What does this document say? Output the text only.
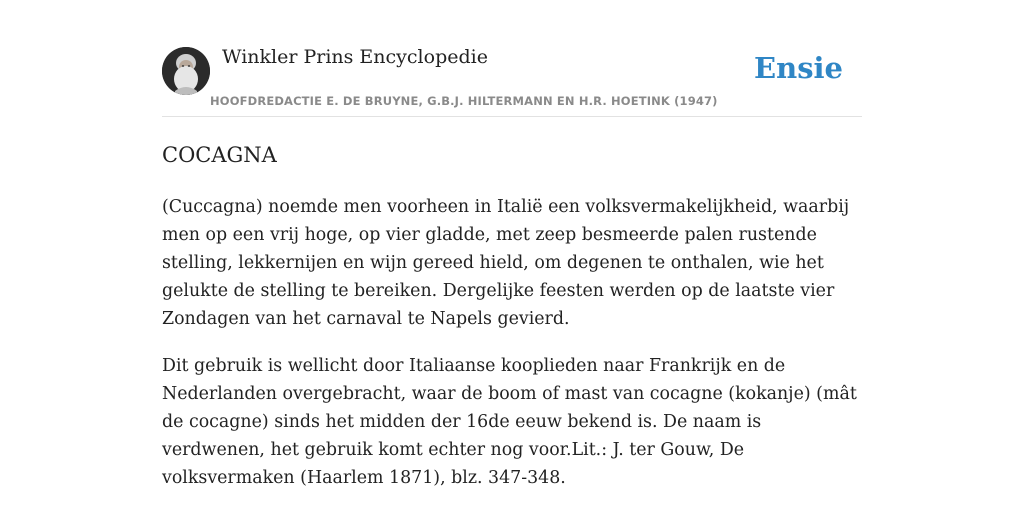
Winkler Prins Encyclopedie
HOOFDREDACTIE E. DE BRUYNE, G.B.J. HILTERMANN EN H.R. HOETINK (1947)
Ensie
COCAGNA

(Cuccagna) noemde men voorheen in Italië een volksvermakelijkheid, waarbij men op een vrij hoge, op vier gladde, met zeep besmeerde palen rustende stelling, lekkernijen en wijn gereed hield, om degenen te onthalen, wie het gelukte de stelling te bereiken. Dergelijke feesten werden op de laatste vier Zondagen van het carnaval te Napels gevierd.

Dit gebruik is wellicht door Italiaanse kooplieden naar Frankrijk en de Nederlanden overgebracht, waar de boom of mast van cocagne (kokanje) (mât de cocagne) sinds het midden der 16de eeuw bekend is. De naam is verdwenen, het gebruik komt echter nog voor.Lit.: J. ter Gouw, De volksvermaken (Haarlem 1871), blz. 347-348.
